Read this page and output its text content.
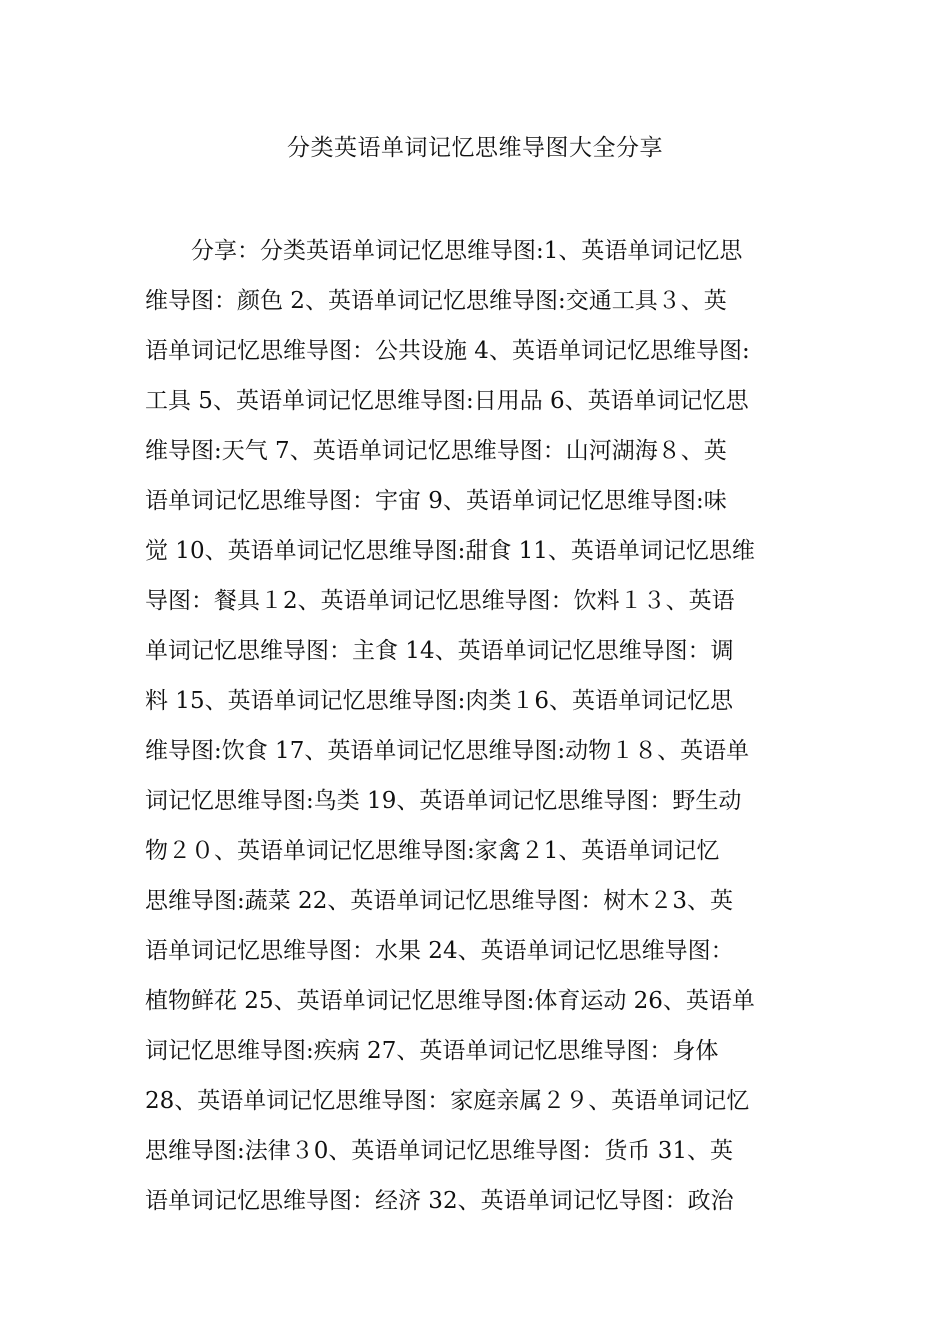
分类英语单词记忆思维导图大全分享
分享：分类英语单词记忆思维导图:1、英语单词记忆思
维导图：颜色 2、英语单词记忆思维导图:交通工具３、英
语单词记忆思维导图：公共设施 4、英语单词记忆思维导图:
工具 5、英语单词记忆思维导图:日用品 6、英语单词记忆思
维导图:天气 7、英语单词记忆思维导图：山河湖海８、英
语单词记忆思维导图：宇宙 9、英语单词记忆思维导图:味
觉 10、英语单词记忆思维导图:甜食 11、英语单词记忆思维
导图：餐具１2、英语单词记忆思维导图：饮料１３、英语
单词记忆思维导图：主食 14、英语单词记忆思维导图：调
料 15、英语单词记忆思维导图:肉类１6、英语单词记忆思
维导图:饮食 17、英语单词记忆思维导图:动物１８、英语单
词记忆思维导图:鸟类 19、英语单词记忆思维导图：野生动
物２０、英语单词记忆思维导图:家禽２1、英语单词记忆
思维导图:蔬菜 22、英语单词记忆思维导图：树木２3、英
语单词记忆思维导图：水果 24、英语单词记忆思维导图：
植物鲜花 25、英语单词记忆思维导图:体育运动 26、英语单
词记忆思维导图:疾病 27、英语单词记忆思维导图：身体
28、英语单词记忆思维导图：家庭亲属２９、英语单词记忆
思维导图:法律３0、英语单词记忆思维导图：货币 31、英
语单词记忆思维导图：经济 32、英语单词记忆导图：政治
